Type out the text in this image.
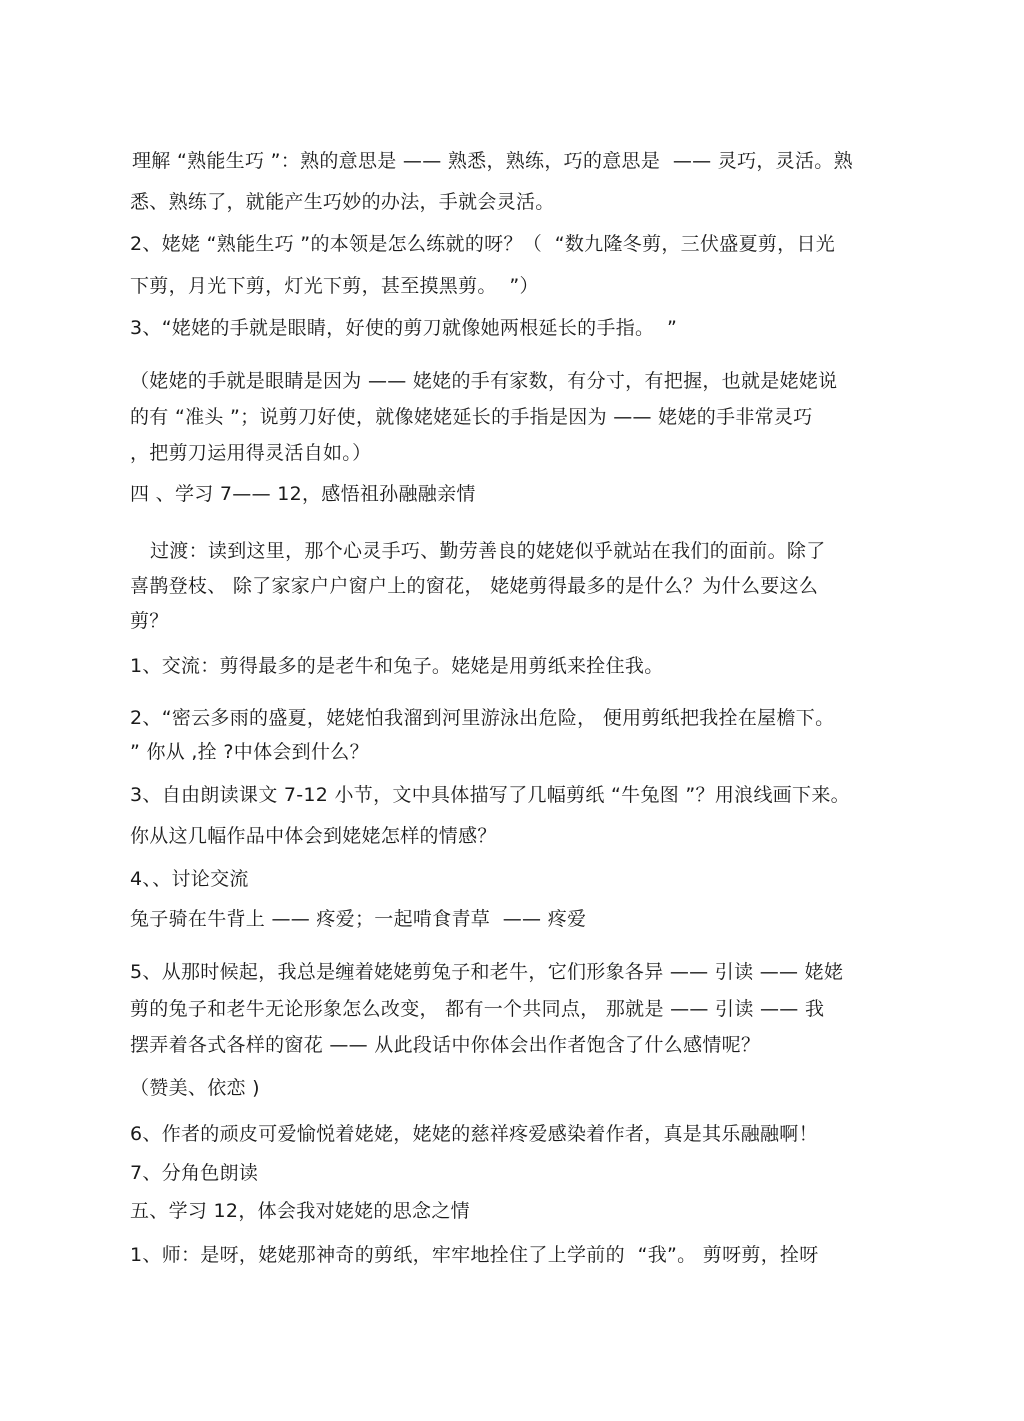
理解 “熟能生巧 ”：熟的意思是 —— 熟悉，熟练，巧的意思是  —— 灵巧，灵活。熟
悉、熟练了，就能产生巧妙的办法，手就会灵活。
2、姥姥 “熟能生巧 ”的本领是怎么练就的呀？（  “数九隆冬剪，三伏盛夏剪，日光
下剪，月光下剪，灯光下剪，甚至摸黑剪。  ”）
3、“姥姥的手就是眼睛，好使的剪刀就像她两根延长的手指。  ”
（姥姥的手就是眼睛是因为 —— 姥姥的手有家数，有分寸，有把握，也就是姥姥说
的有 “准头 ”；说剪刀好使，就像姥姥延长的手指是因为 —— 姥姥的手非常灵巧
，把剪刀运用得灵活自如。）
四 、学习 7—— 12，感悟祖孙融融亲情
过渡：读到这里，那个心灵手巧、勤劳善良的姥姥似乎就站在我们的面前。除了
喜鹊登枝、 除了家家户户窗户上的窗花， 姥姥剪得最多的是什么？为什么要这么
剪？
1、交流：剪得最多的是老牛和兔子。姥姥是用剪纸来拴住我。
2、“密云多雨的盛夏，姥姥怕我溜到河里游泳出危险， 便用剪纸把我拴在屋檐下。
” 你从 ,拴 ?中体会到什么？
3、自由朗读课文 7-12 小节，文中具体描写了几幅剪纸 “牛兔图 ”？用浪线画下来。
你从这几幅作品中体会到姥姥怎样的情感？
4、、讨论交流
兔子骑在牛背上 —— 疼爱；一起啃食青草  —— 疼爱
5、从那时候起，我总是缠着姥姥剪兔子和老牛，它们形象各异 —— 引读 —— 姥姥
剪的兔子和老牛无论形象怎么改变， 都有一个共同点， 那就是 —— 引读 —— 我
摆弄着各式各样的窗花 —— 从此段话中你体会出作者饱含了什么感情呢？
（赞美、依恋 )
6、作者的顽皮可爱愉悦着姥姥，姥姥的慈祥疼爱感染着作者，真是其乐融融啊！
7、分角色朗读
五、学习 12，体会我对姥姥的思念之情
1、师：是呀，姥姥那神奇的剪纸，牢牢地拴住了上学前的  “我”。 剪呀剪，拴呀
